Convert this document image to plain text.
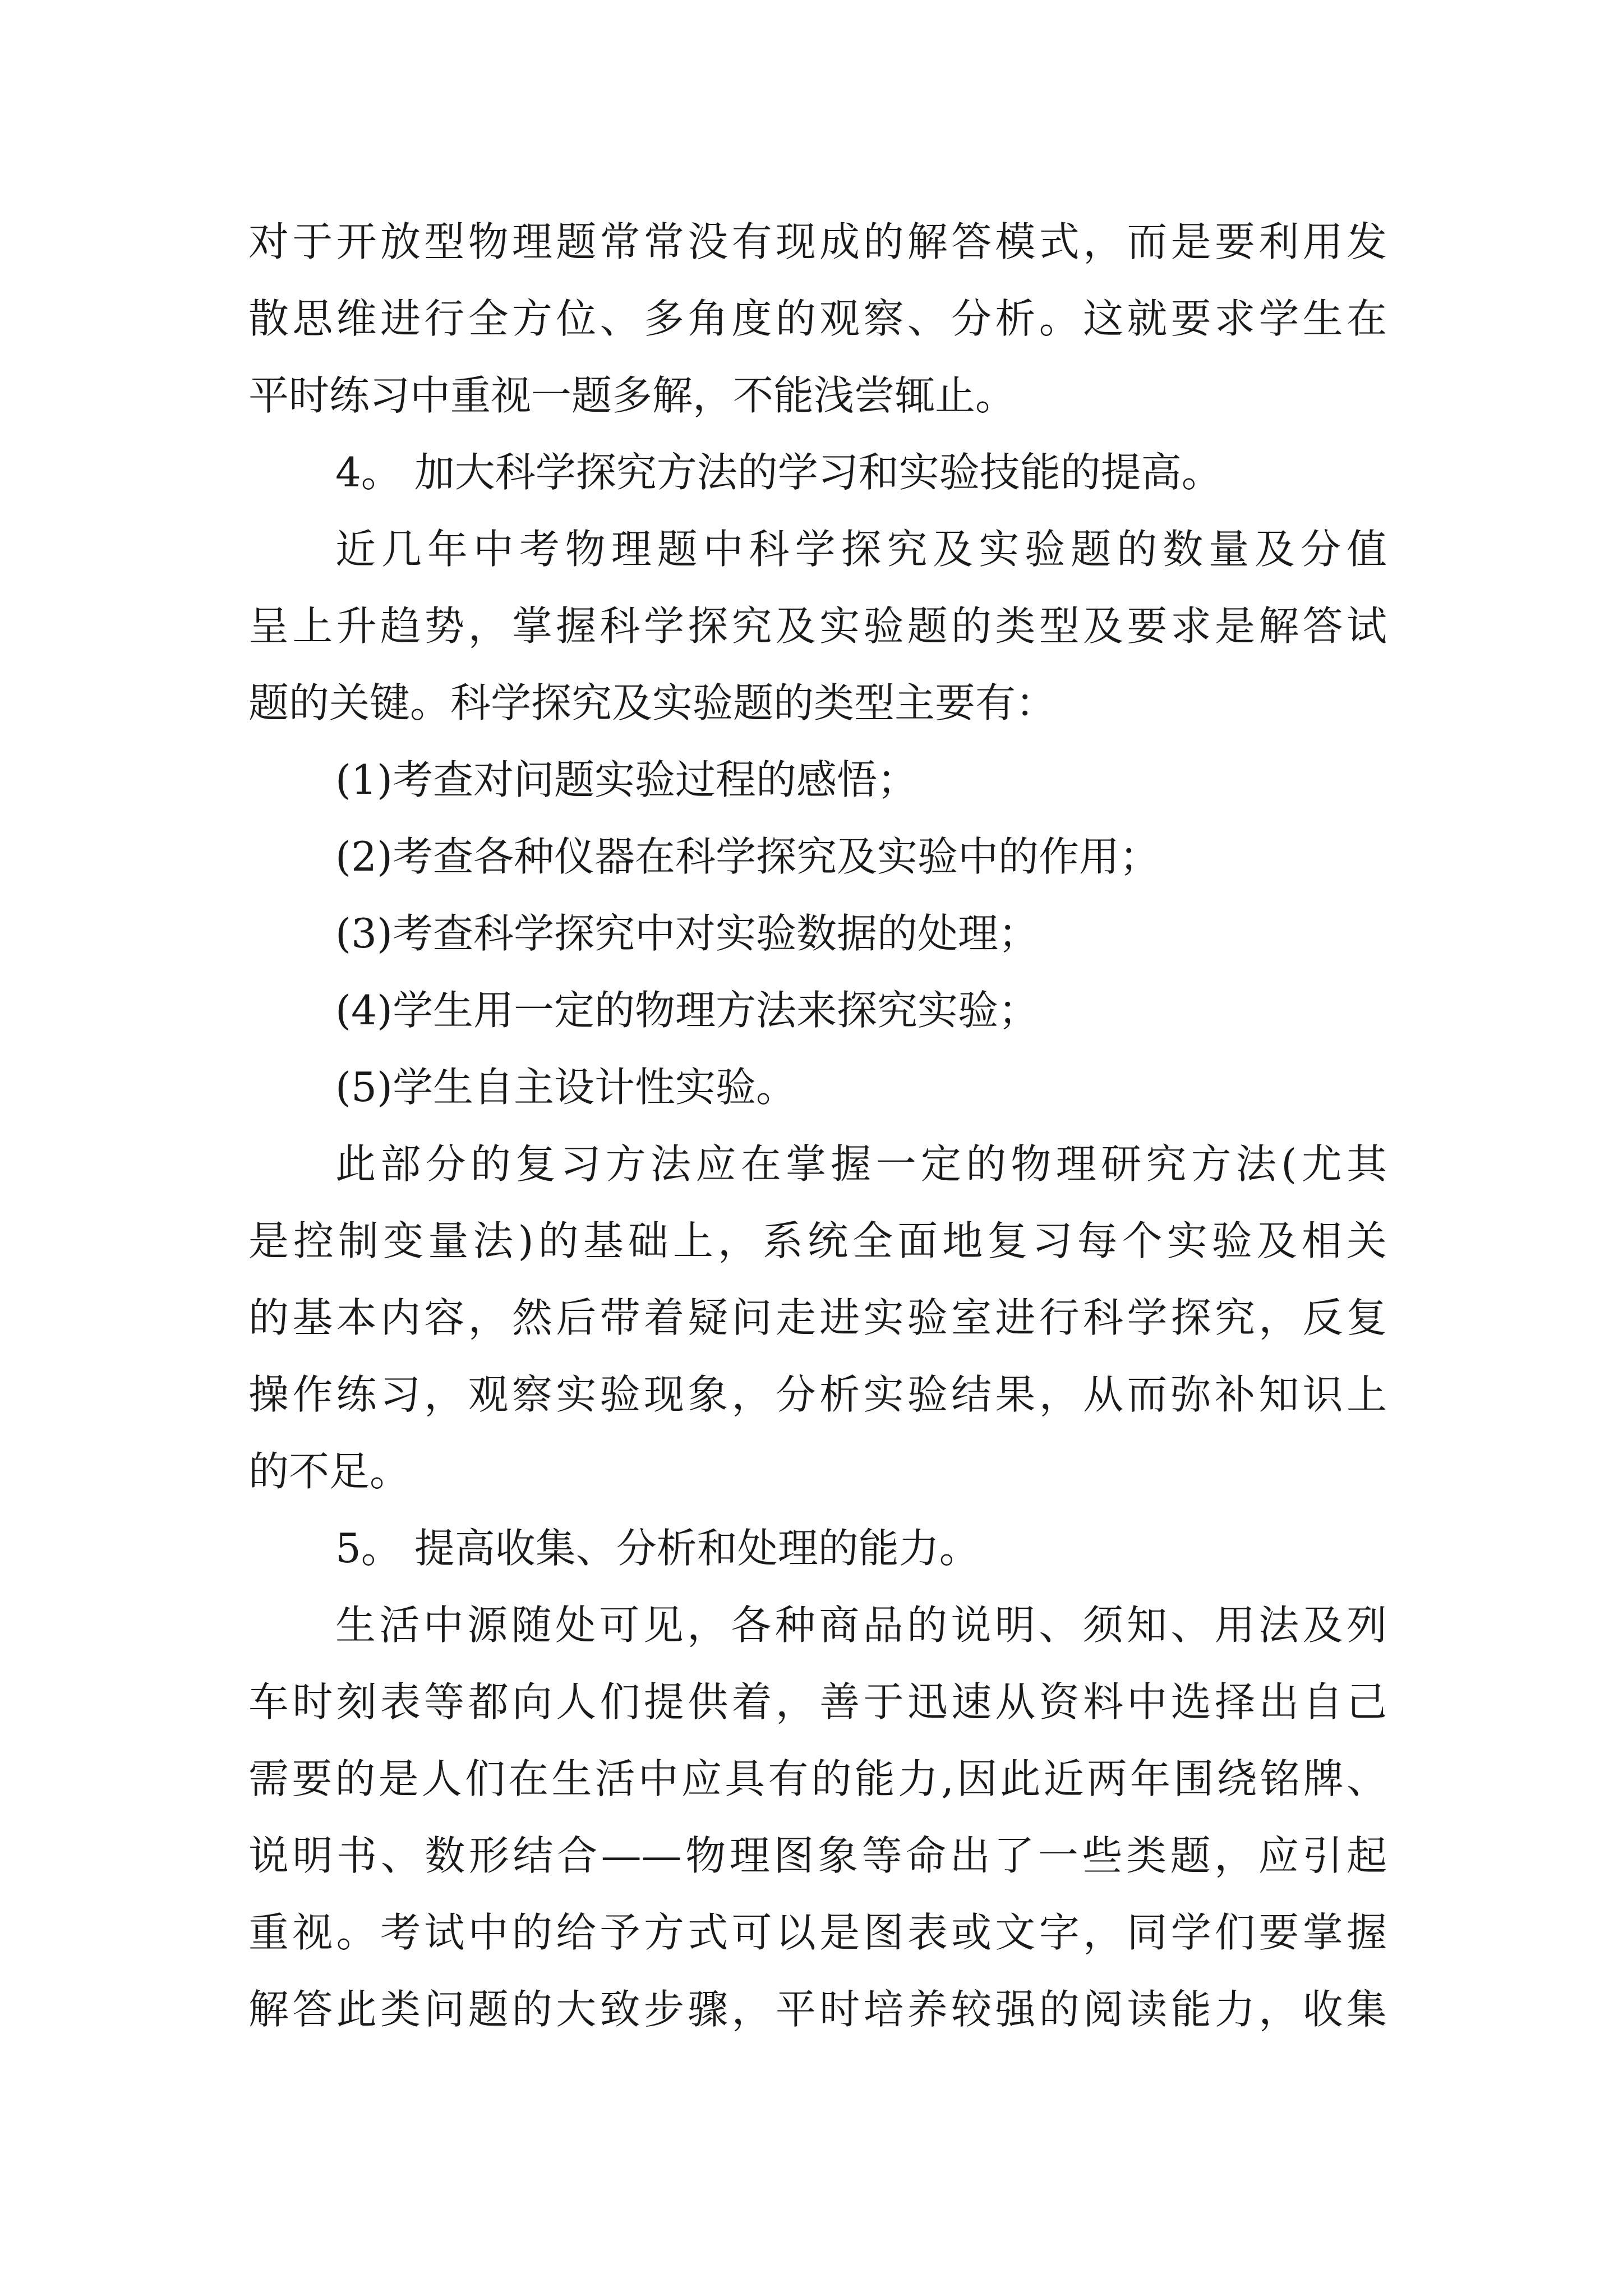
对于开放型物理题常常没有现成的解答模式，而是要利用发
散思维进行全方位、多角度的观察、分析。这就要求学生在
平时练习中重视一题多解，不能浅尝辄止。
4。 加大科学探究方法的学习和实验技能的提高。
近几年中考物理题中科学探究及实验题的数量及分值
呈上升趋势，掌握科学探究及实验题的类型及要求是解答试
题的关键。科学探究及实验题的类型主要有：
(1)考查对问题实验过程的感悟；
(2)考查各种仪器在科学探究及实验中的作用；
(3)考查科学探究中对实验数据的处理；
(4)学生用一定的物理方法来探究实验；
(5)学生自主设计性实验。
此部分的复习方法应在掌握一定的物理研究方法(尤其
是控制变量法)的基础上，系统全面地复习每个实验及相关
的基本内容，然后带着疑问走进实验室进行科学探究，反复
操作练习，观察实验现象，分析实验结果，从而弥补知识上
的不足。
5。 提高收集、分析和处理的能力。
生活中源随处可见，各种商品的说明、须知、用法及列
车时刻表等都向人们提供着，善于迅速从资料中选择出自己
需要的是人们在生活中应具有的能力,因此近两年围绕铭牌、
说明书、数形结合——物理图象等命出了一些类题，应引起
重视。考试中的给予方式可以是图表或文字，同学们要掌握
解答此类问题的大致步骤，平时培养较强的阅读能力，收集
